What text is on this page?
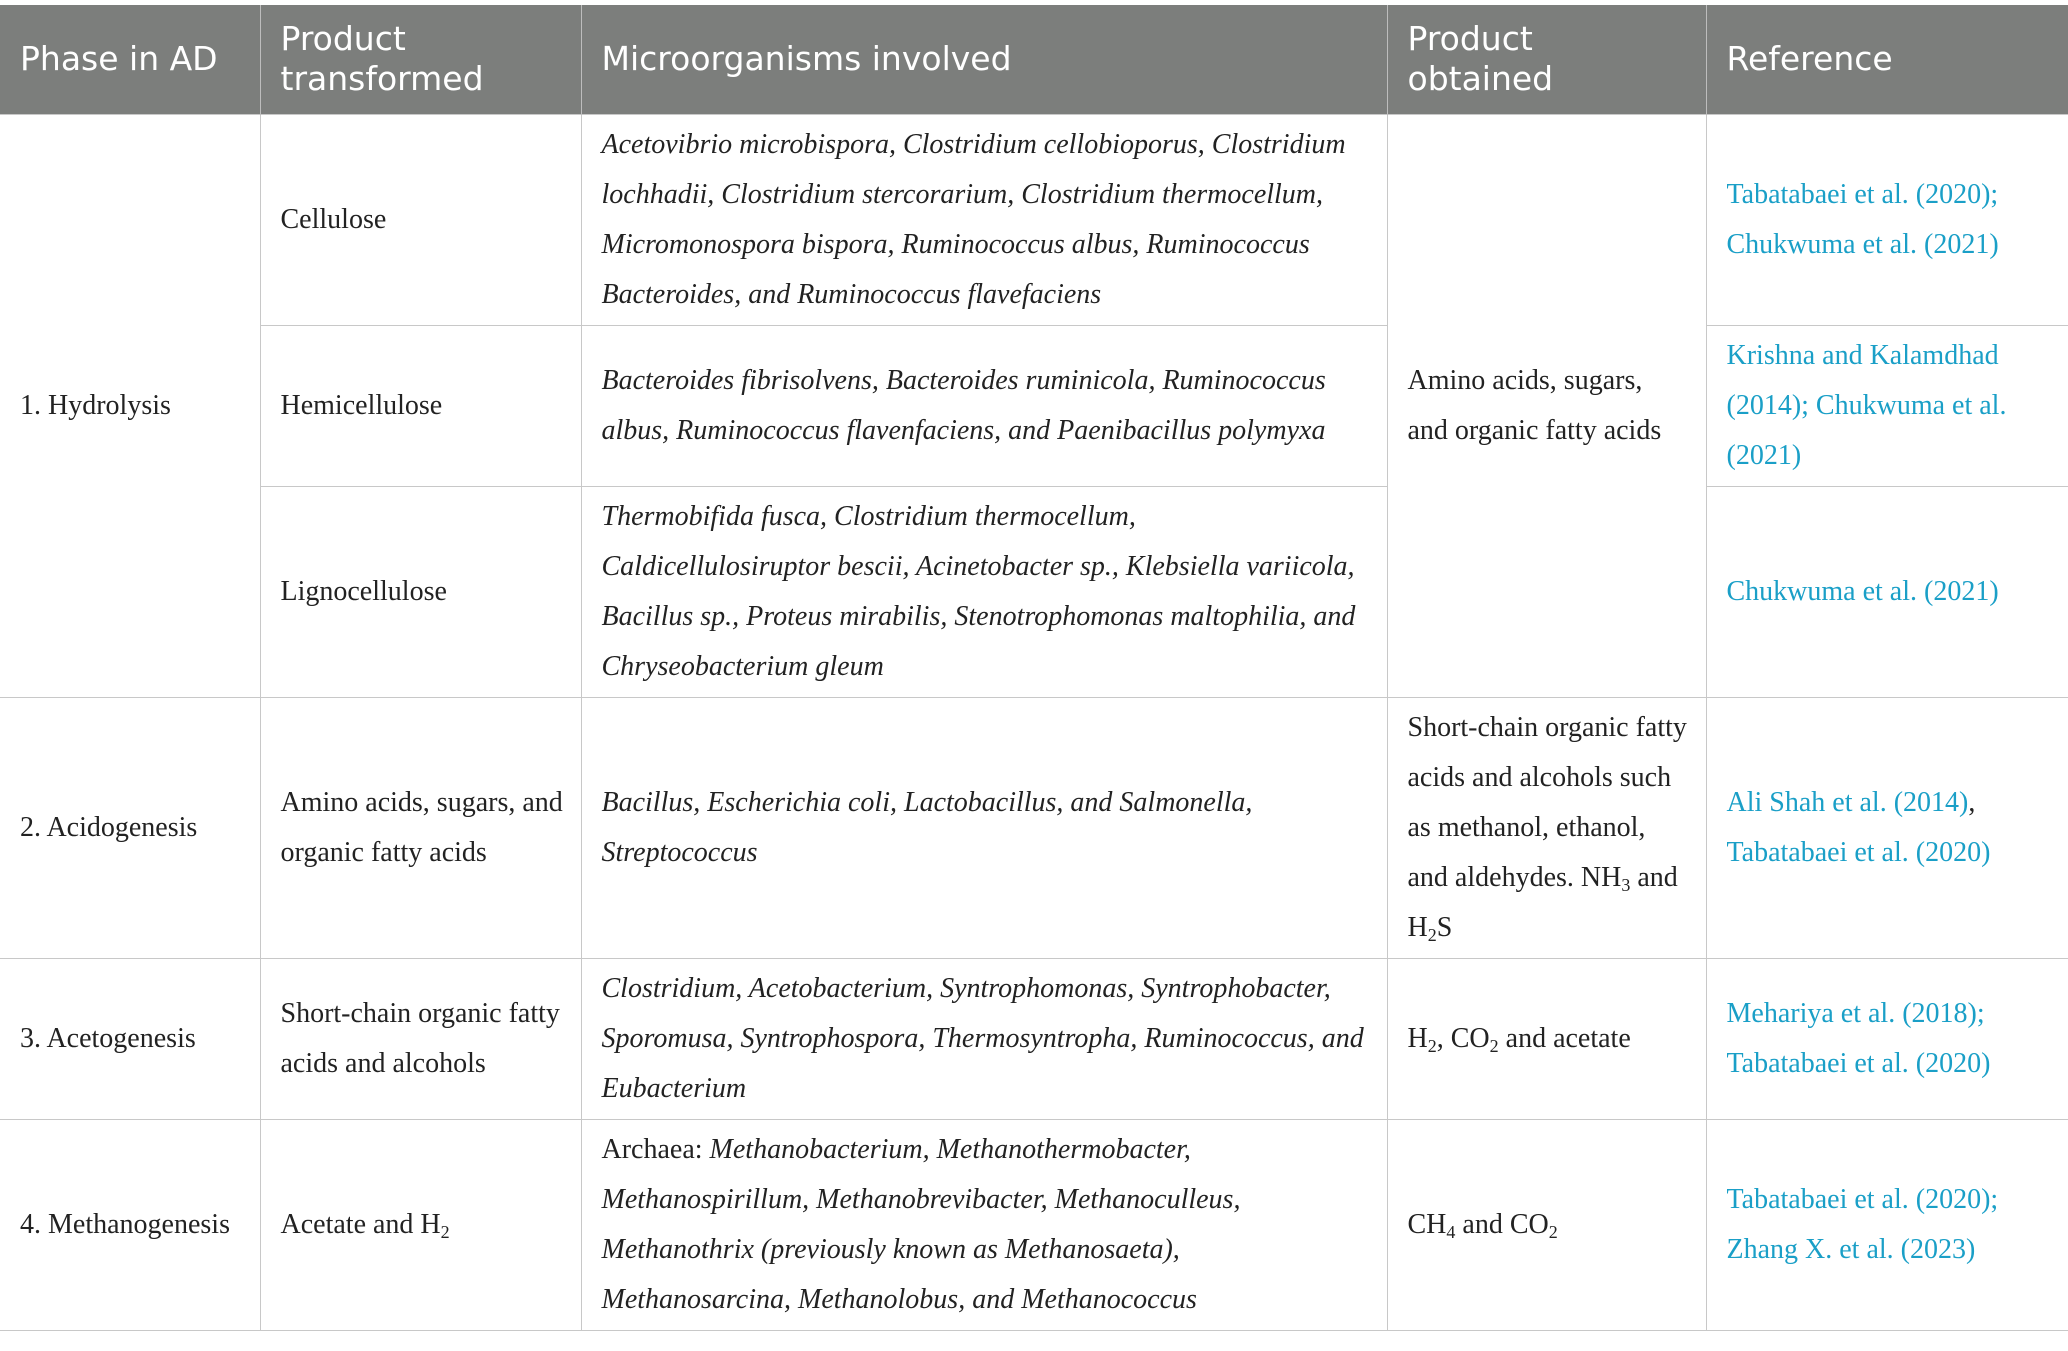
Phase in AD	Product transformed	Microorganisms involved	Product obtained	Reference
1. Hydrolysis	Cellulose	Acetovibrio microbispora, Clostridium cellobioporus, Clostridium lochhadii, Clostridium stercorarium, Clostridium thermocellum, Micromonospora bispora, Ruminococcus albus, Ruminococcus Bacteroides, and Ruminococcus flavefaciens	Amino acids, sugars, and organic fatty acids	Tabatabaei et al. (2020); Chukwuma et al. (2021)
	Hemicellulose	Bacteroides fibrisolvens, Bacteroides ruminicola, Ruminococcus albus, Ruminococcus flavenfaciens, and Paenibacillus polymyxa		Krishna and Kalamdhad (2014); Chukwuma et al. (2021)
	Lignocellulose	Thermobifida fusca, Clostridium thermocellum, Caldicellulosiruptor bescii, Acinetobacter sp., Klebsiella variicola, Bacillus sp., Proteus mirabilis, Stenotrophomonas maltophilia, and Chryseobacterium gleum		Chukwuma et al. (2021)
2. Acidogenesis	Amino acids, sugars, and organic fatty acids	Bacillus, Escherichia coli, Lactobacillus, and Salmonella, Streptococcus	Short-chain organic fatty acids and alcohols such as methanol, ethanol, and aldehydes. $NH_3$ and $H_2S$	Ali Shah et al. (2014), Tabatabaei et al. (2020)
3. Acetogenesis	Short-chain organic fatty acids and alcohols	Clostridium, Acetobacterium, Syntrophomonas, Syntrophobacter, Sporomusa, Syntrophospora, Thermosyntropha, Ruminococcus, and Eubacterium	$H_2$, $CO_2$ and acetate	Mehariya et al. (2018); Tabatabaei et al. (2020)
4. Methanogenesis	Acetate and $H_2$	Archaea: Methanobacterium, Methanothermobacter, Methanospirillum, Methanobrevibacter, Methanoculleus, Methanothrix (previously known as Methanosaeta), Methanosarcina, Methanolobus, and Methanococcus	$CH_4$ and $CO_2$	Tabatabaei et al. (2020); Zhang X. et al. (2023)
